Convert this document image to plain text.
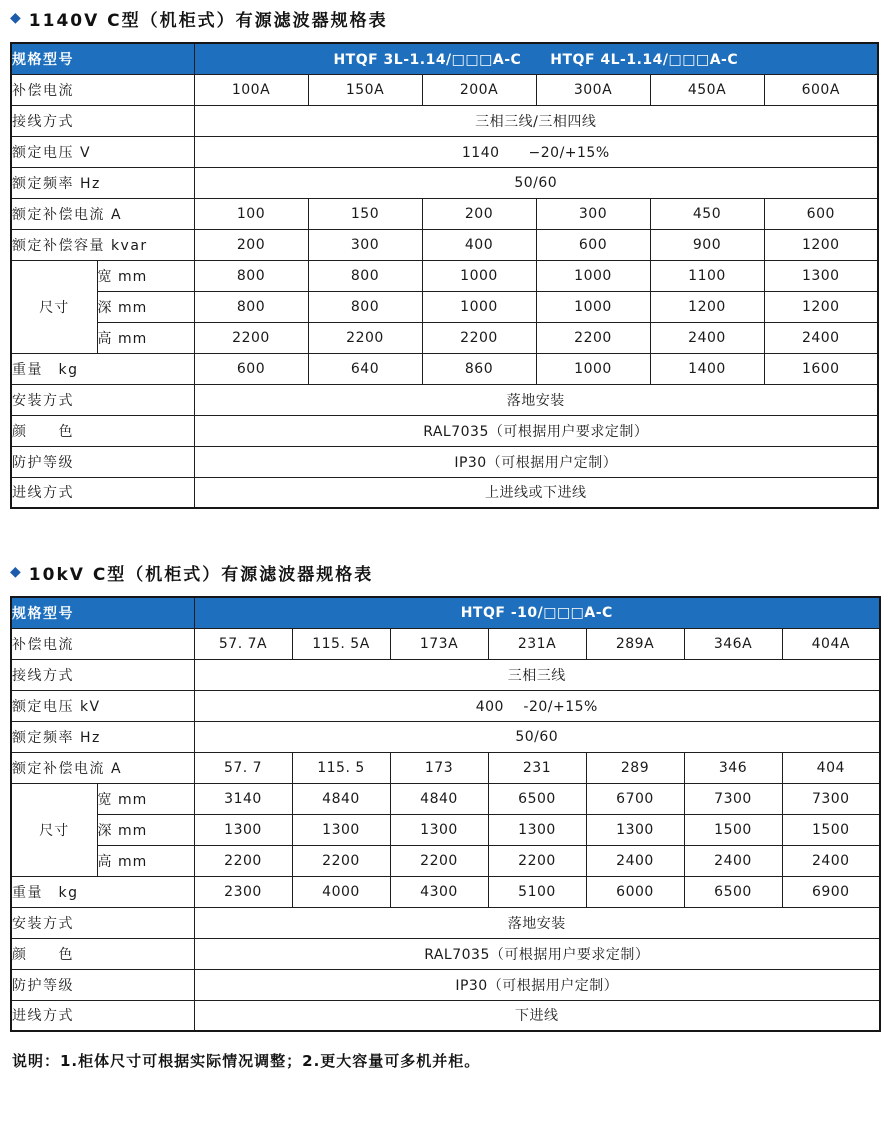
◆ 1140V C型（机柜式）有源滤波器规格表
规格型号		HTQF 3L-1.14/□□□A-C　　HTQF 4L-1.14/□□□A-C					
补偿电流		100A	150A	200A	300A	450A	600A
接线方式		三相三线/三相四线					
额定电压 V		1140　　−20/+15%					
额定频率 Hz		50/60					
额定补偿电流 A		100	150	200	300	450	600
额定补偿容量 kvar		200	300	400	600	900	1200
尺寸	宽 mm	800	800	1000	1000	1100	1300
	深 mm	800	800	1000	1000	1200	1200
	高 mm	2200	2200	2200	2200	2400	2400
重量　kg		600	640	860	1000	1400	1600
安装方式		落地安装					
颜　　色		RAL7035（可根据用户要求定制）					
防护等级		IP30（可根据用户定制）					
进线方式		上进线或下进线					
◆ 10kV C型（机柜式）有源滤波器规格表
规格型号		HTQF -10/□□□A-C						
补偿电流		57. 7A	115. 5A	173A	231A	289A	346A	404A
接线方式		三相三线						
额定电压 kV		400　 -20/+15%						
额定频率 Hz		50/60						
额定补偿电流 A		57. 7	115. 5	173	231	289	346	404
尺寸	宽 mm	3140	4840	4840	6500	6700	7300	7300
	深 mm	1300	1300	1300	1300	1300	1500	1500
	高 mm	2200	2200	2200	2200	2400	2400	2400
重量　kg		2300	4000	4300	5100	6000	6500	6900
安装方式		落地安装						
颜　　色		RAL7035（可根据用户要求定制）						
防护等级		IP30（可根据用户定制）						
进线方式		下进线						

说明：1.柜体尺寸可根据实际情况调整；2.更大容量可多机并柜。
